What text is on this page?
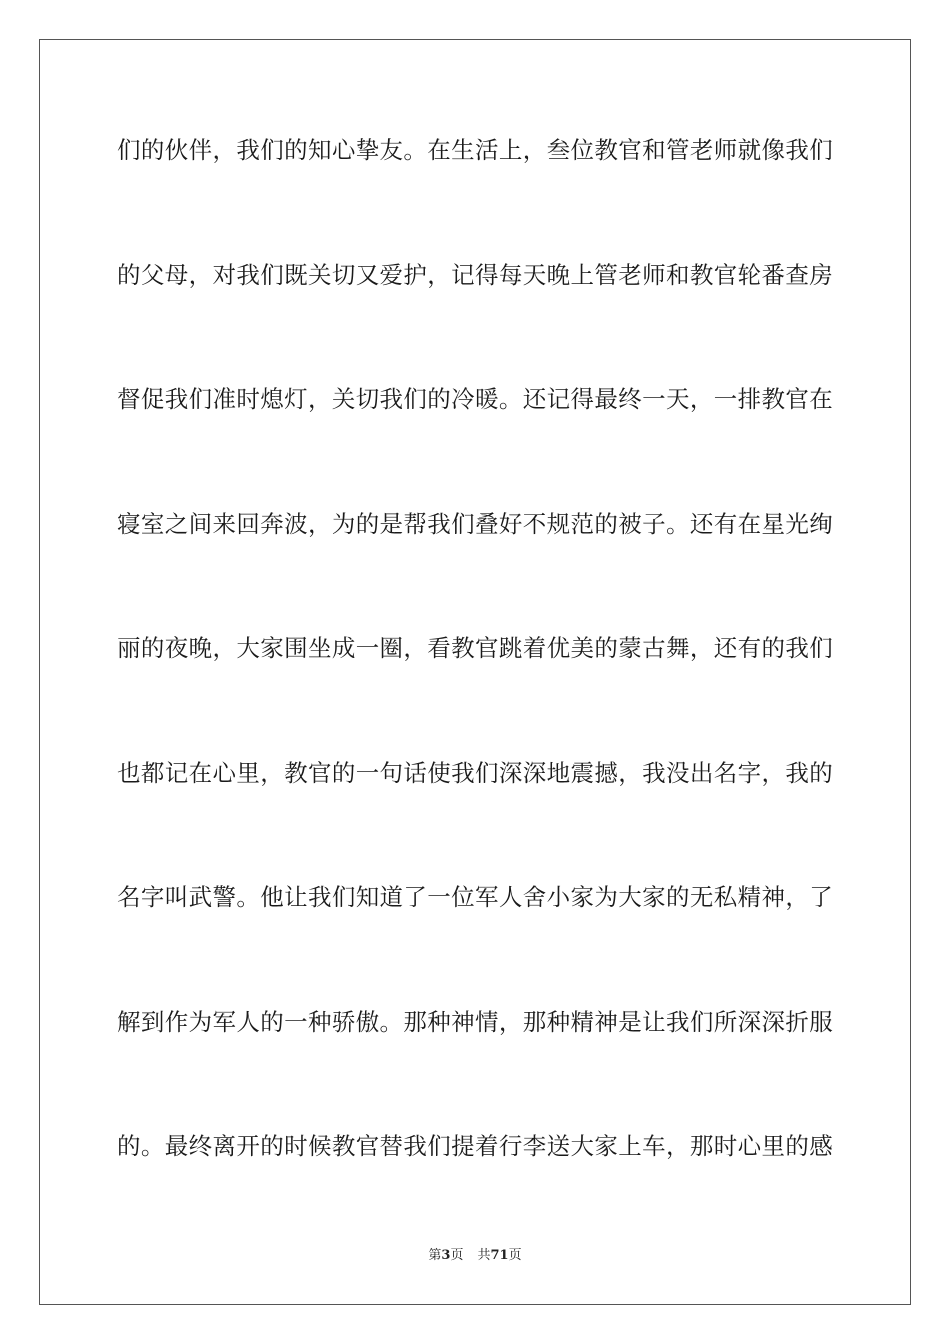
们的伙伴，我们的知心挚友。在生活上，叁位教官和管老师就像我们
的父母，对我们既关切又爱护，记得每天晚上管老师和教官轮番查房
督促我们准时熄灯，关切我们的冷暖。还记得最终一天，一排教官在
寝室之间来回奔波，为的是帮我们叠好不规范的被子。还有在星光绚
丽的夜晚，大家围坐成一圈，看教官跳着优美的蒙古舞，还有的我们
也都记在心里，教官的一句话使我们深深地震撼，我没出名字，我的
名字叫武警。他让我们知道了一位军人舍小家为大家的无私精神，了
解到作为军人的一种骄傲。那种神情，那种精神是让我们所深深折服
的。最终离开的时候教官替我们提着行李送大家上车，那时心里的感
第3页 共71页
